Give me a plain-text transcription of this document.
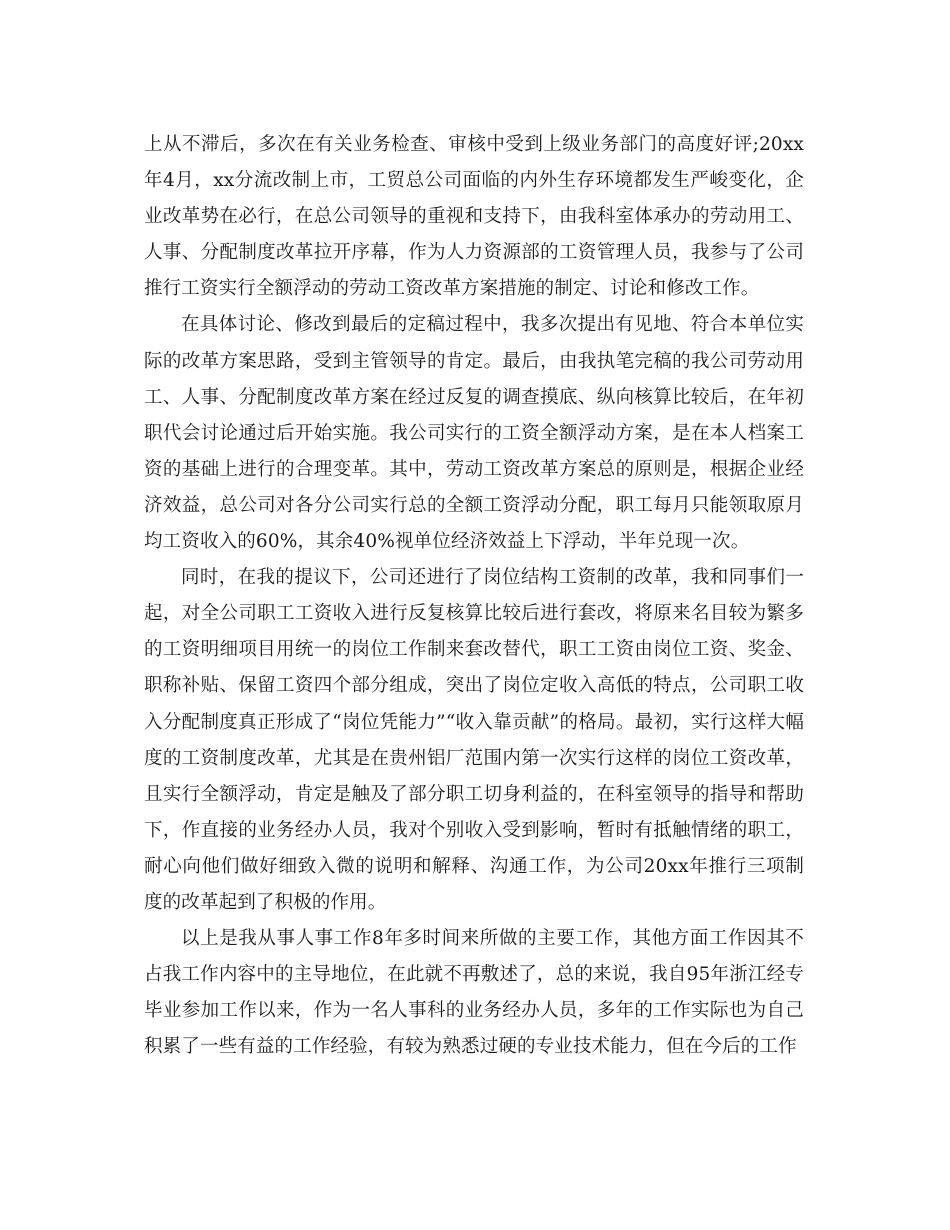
上从不滞后，多次在有关业务检查、审核中受到上级业务部门的高度好评;20xx年4月，xx分流改制上市，工贸总公司面临的内外生存环境都发生严峻变化，企业改革势在必行，在总公司领导的重视和支持下，由我科室体承办的劳动用工、人事、分配制度改革拉开序幕，作为人力资源部的工资管理人员，我参与了公司推行工资实行全额浮动的劳动工资改革方案措施的制定、讨论和修改工作。

在具体讨论、修改到最后的定稿过程中，我多次提出有见地、符合本单位实际的改革方案思路，受到主管领导的肯定。最后，由我执笔完稿的我公司劳动用工、人事、分配制度改革方案在经过反复的调查摸底、纵向核算比较后，在年初职代会讨论通过后开始实施。我公司实行的工资全额浮动方案，是在本人档案工资的基础上进行的合理变革。其中，劳动工资改革方案总的原则是，根据企业经济效益，总公司对各分公司实行总的全额工资浮动分配，职工每月只能领取原月均工资收入的60%，其余40%视单位经济效益上下浮动，半年兑现一次。

同时，在我的提议下，公司还进行了岗位结构工资制的改革，我和同事们一起，对全公司职工工资收入进行反复核算比较后进行套改，将原来名目较为繁多的工资明细项目用统一的岗位工作制来套改替代，职工工资由岗位工资、奖金、职称补贴、保留工资四个部分组成，突出了岗位定收入高低的特点，公司职工收入分配制度真正形成了“岗位凭能力”“收入靠贡献”的格局。最初，实行这样大幅度的工资制度改革，尤其是在贵州铝厂范围内第一次实行这样的岗位工资改革，且实行全额浮动，肯定是触及了部分职工切身利益的，在科室领导的指导和帮助下，作直接的业务经办人员，我对个别收入受到影响，暂时有抵触情绪的职工，耐心向他们做好细致入微的说明和解释、沟通工作，为公司20xx年推行三项制度的改革起到了积极的作用。

以上是我从事人事工作8年多时间来所做的主要工作，其他方面工作因其不占我工作内容中的主导地位，在此就不再敷述了，总的来说，我自95年浙江经专毕业参加工作以来，作为一名人事科的业务经办人员，多年的工作实际也为自己积累了一些有益的工作经验，有较为熟悉过硬的专业技术能力，但在今后的工作
